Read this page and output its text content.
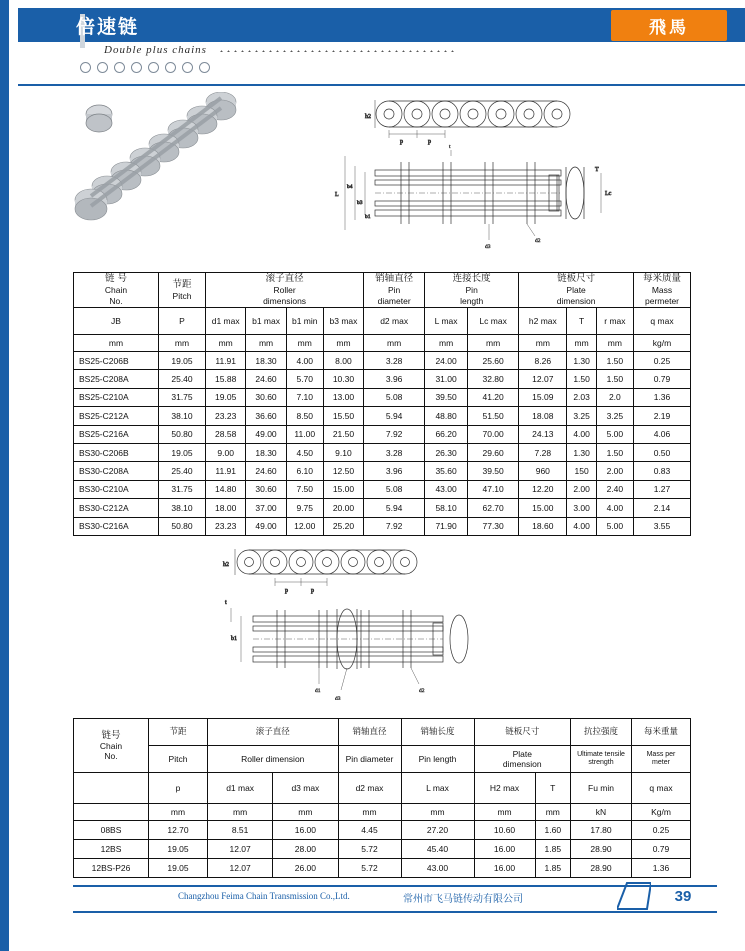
倍速链
Double plus chains
飛馬
h2
p	p
L
b4
b3
b1
T
Lc
d3
d2
t
链 号
Chain
No.

节距
Pitch

滚子直径
Roller
dimensions

销轴直径
Pin
diameter

连接长度
Pin
length

链板尺寸
Plate
dimension

每米质量
Mass
permeter

JB	P	d1 max	b1 max	b1 min	b3 max	d2 max	L max	Lc max	h2 max	T	r max	q max
mm	mm	mm	mm	mm	mm	mm	mm	mm	mm	mm	mm	kg/m
BS25-C206B	19.05	11.91	18.30	4.00	8.00	3.28	24.00	25.60	8.26	1.30	1.50	0.25
BS25-C208A	25.40	15.88	24.60	5.70	10.30	3.96	31.00	32.80	12.07	1.50	1.50	0.79
BS25-C210A	31.75	19.05	30.60	7.10	13.00	5.08	39.50	41.20	15.09	2.03	2.0	1.36
BS25-C212A	38.10	23.23	36.60	8.50	15.50	5.94	48.80	51.50	18.08	3.25	3.25	2.19
BS25-C216A	50.80	28.58	49.00	11.00	21.50	7.92	66.20	70.00	24.13	4.00	5.00	4.06
BS30-C206B	19.05	9.00	18.30	4.50	9.10	3.28	26.30	29.60	7.28	1.30	1.50	0.50
BS30-C208A	25.40	11.91	24.60	6.10	12.50	3.96	35.60	39.50	960	150	2.00	0.83
BS30-C210A	31.75	14.80	30.60	7.50	15.00	5.08	43.00	47.10	12.20	2.00	2.40	1.27
BS30-C212A	38.10	18.00	37.00	9.75	20.00	5.94	58.10	62.70	15.00	3.00	4.00	2.14
BS30-C216A	50.80	23.23	49.00	12.00	25.20	7.92	71.90	77.30	18.60	4.00	5.00	3.55
h2
p	p
t
b1
d1
d3
d2
链号
Chain
No.	节距	滚子直径		销轴直径	销轴长度	链板尺寸		抗拉强度	每米重量

Pitch	Roller dimension	Pin diameter	Pin length	
Plate
dimension

Ultimate tensile
strength

Mass per
meter

	p	d1 max	d3 max	d2 max	L max	H2 max	T	Fu min	q max
	mm	mm	mm	mm	mm	mm	mm	kN	Kg/m
08BS	12.70	8.51	16.00	4.45	27.20	10.60	1.60	17.80	0.25
12BS	19.05	12.07	28.00	5.72	45.40	16.00	1.85	28.90	0.79
12BS-P26	19.05	12.07	26.00	5.72	43.00	16.00	1.85	28.90	1.36
Changzhou Feima Chain Transmission Co.,Ltd.	常州市飞马链传动有限公司	39
